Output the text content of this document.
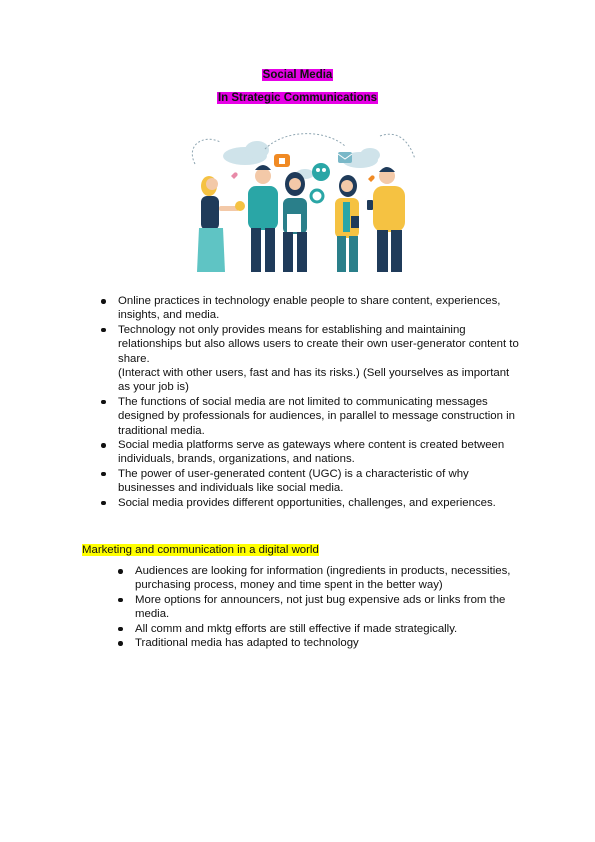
Social Media
In Strategic Communications
Online practices in technology enable people to share content, experiences, insights, and media.
Technology not only provides means for establishing and maintaining relationships but also allows users to create their own user-generator content to share.
(Interact with other users, fast and has its risks.) (Sell yourselves as important as your job is)
The functions of social media are not limited to communicating messages designed by professionals for audiences, in parallel to message construction in traditional media.
Social media platforms serve as gateways where content is created between individuals, brands, organizations, and nations.
The power of user-generated content (UGC) is a characteristic of why businesses and individuals like social media.
Social media provides different opportunities, challenges, and experiences.
Marketing and communication in a digital world
Audiences are looking for information (ingredients in products, necessities, purchasing process, money and time spent in the better way)
More options for announcers, not just bug expensive ads or links from the media.
All comm and mktg efforts are still effective if made strategically.
Traditional media has adapted to technology
